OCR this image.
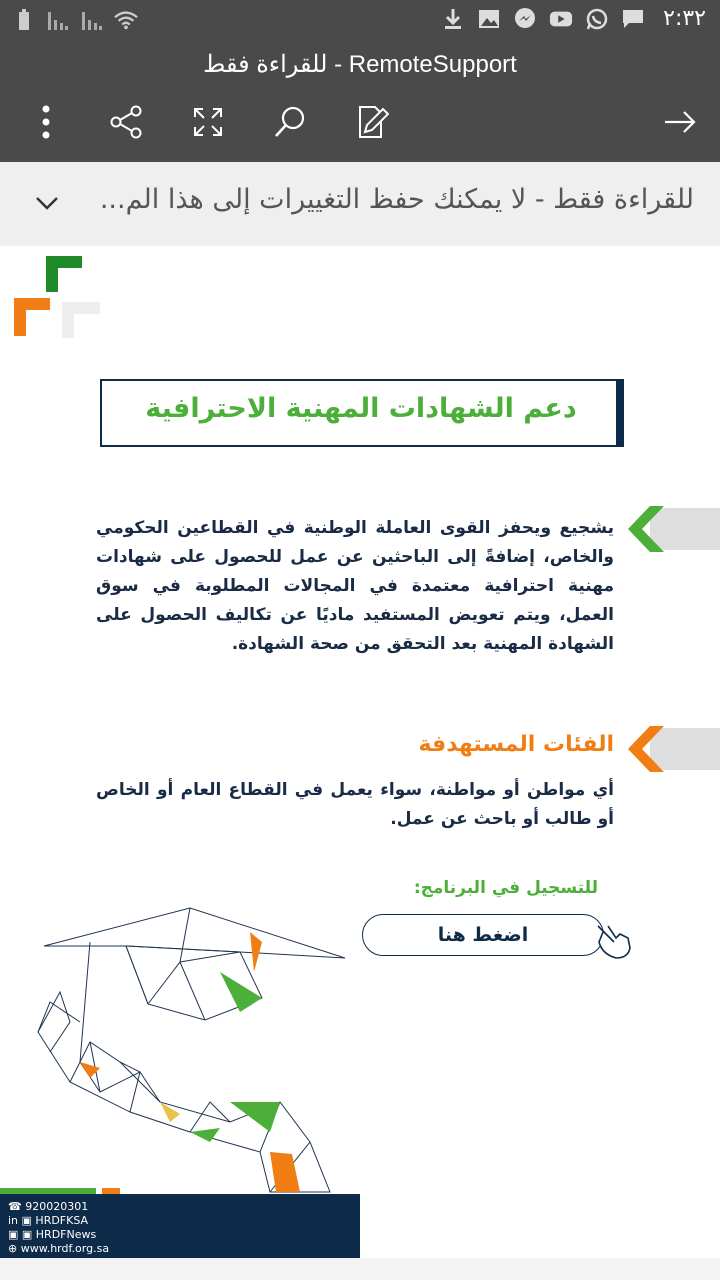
٢:٣٢
للقراءة فقط - RemoteSupport
للقراءة فقط - لا يمكنك حفظ التغييرات إلى هذا الم...
دعم الشهادات المهنية الاحترافية
يشجيع ويحفز القوى العاملة الوطنية في القطاعين الحكومي والخاص، إضافةً إلى الباحثين عن عمل للحصول على شهادات مهنية احترافية معتمدة في المجالات المطلوبة في سوق العمل، ويتم تعويض المستفيد ماديًا عن تكاليف الحصول على الشهادة المهنية بعد التحقق من صحة الشهادة.
الفئات المستهدفة
أي مواطن أو مواطنة، سواء يعمل في القطاع العام أو الخاص أو طالب أو باحث عن عمل.
للتسجيل في البرنامج:
اضغط هنا
☎ 920020301
in ▣ HRDFKSA
▣ ▣ HRDFNews
⊕ www.hrdf.org.sa
